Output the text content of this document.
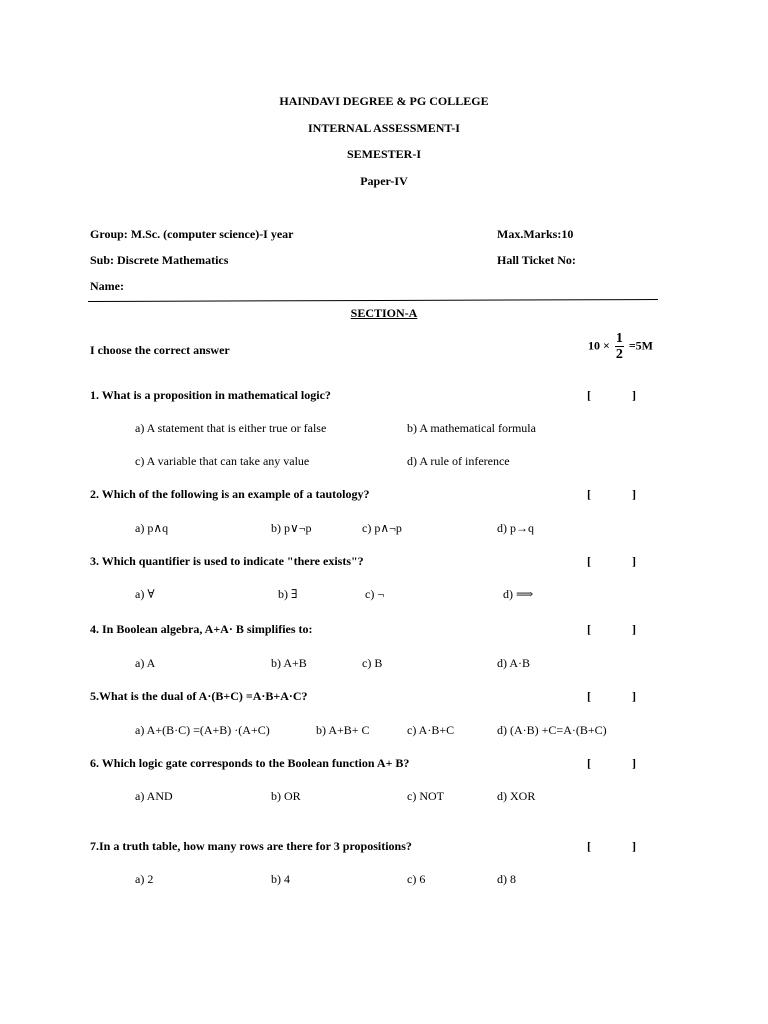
HAINDAVI DEGREE & PG COLLEGE
INTERNAL ASSESSMENT-I
SEMESTER-I
Paper-IV
Group: M.Sc. (computer science)-I year	Max.Marks:10
Sub: Discrete Mathematics	Hall Ticket No:
Name:
SECTION-A
I choose the correct answer	$10 \times \frac{1}{2} =5M$
1. What is a proposition in mathematical logic?	[	]
a) A statement that is either true or false	b) A mathematical formula
c) A variable that can take any value	d) A rule of inference
2. Which of the following is an example of a tautology?	[	]
a) p∧q	b) p∨¬p	c) p∧¬p	d) p→q
3. Which quantifier is used to indicate "there exists"?	[	]
a) ∀	b) ∃	c) ¬	d) ⟹
4. In Boolean algebra, A+A· B simplifies to:	[	]
a) A	b) A+B	c) B	d) A·B
5.What is the dual of A·(B+C) =A·B+A·C?	[	]
a) A+(B·C) =(A+B) ·(A+C)	b) A+B+ C	c) A·B+C	d) (A·B) +C=A·(B+C)
6. Which logic gate corresponds to the Boolean function A+ B?	[	]
a) AND	b) OR	c) NOT	d) XOR
7.In a truth table, how many rows are there for 3 propositions?	[	]
a) 2	b) 4	c) 6	d) 8
